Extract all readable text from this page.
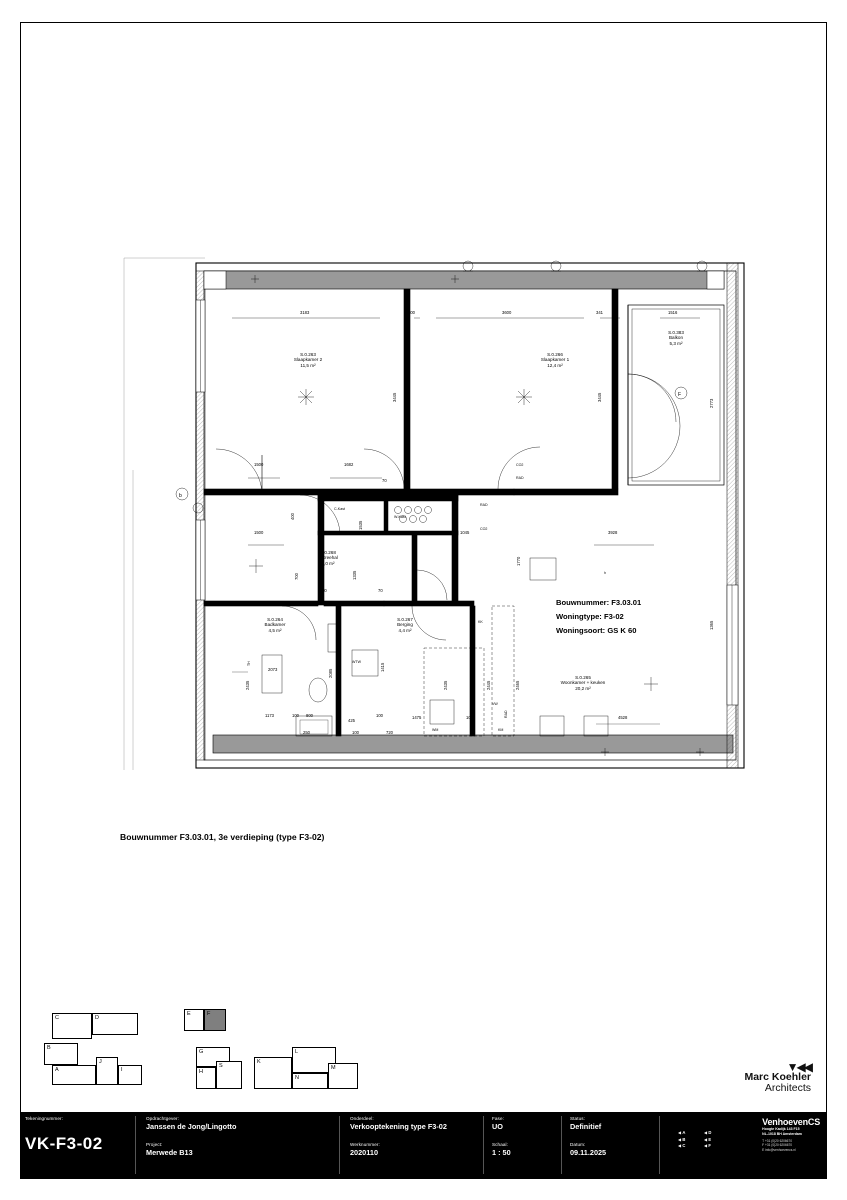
F
b
S.0.263
Slaapkamer 2
11,5 m²
S.0.266
Slaapkamer 1
12,4 m²
S.0.383
Balkon
5,3 m²
S.0.268
Entreehal
5,0 m²
S.0.264
Badkamer
4,5 m²
S.0.267
Berging
4,4 m²
S.0.265
Woonkamer + keuken
20,2 m²
C-Kast
W-Kast
KK
VW
WTW
WM	KM
TH
CO2
RAD
RAD
CO2
h
RAD
3183	100	3600	341	1516
1500	1682
70
1500	367	830	70	990	70	1045	3928
1173	100 800
250
425
100
100	720
1475	100	4528
2073	2085
1415
3445	3445
2773
1770
1365
2435	2435	2445	2465
1535
1335
700
400
70	70
Bouwnummer: F3.03.01
Woningtype: F3-02
Woningsoort: GS K 60
Bouwnummer F3.03.01, 3e verdieping (type F3-02)
C	D
B
A
J
I
E	F
G
S
H
K
L
N
M	▼◀◀
Marc Koehler
Architects
Tekeningnummer:
VK-F3-02
Opdrachtgever:
Janssen de Jong/Lingotto
Project:
Merwede B13
Onderdeel:
Verkooptekening type F3-02
Werknummer:
2020110
Fase:
UO
Schaal:
1 : 50
Status:
Definitief
Datum:
09.11.2025
◀ A	◀ D
◀ B	◀ E
◀ C	◀ F
VenhoevenCS
Hoogte Kadijk 143 F15
NL-1018 BH Amsterdam
T +31 (0)20 6206670
F +31 (0)20 6206670
E info@venhoevencs.nl
